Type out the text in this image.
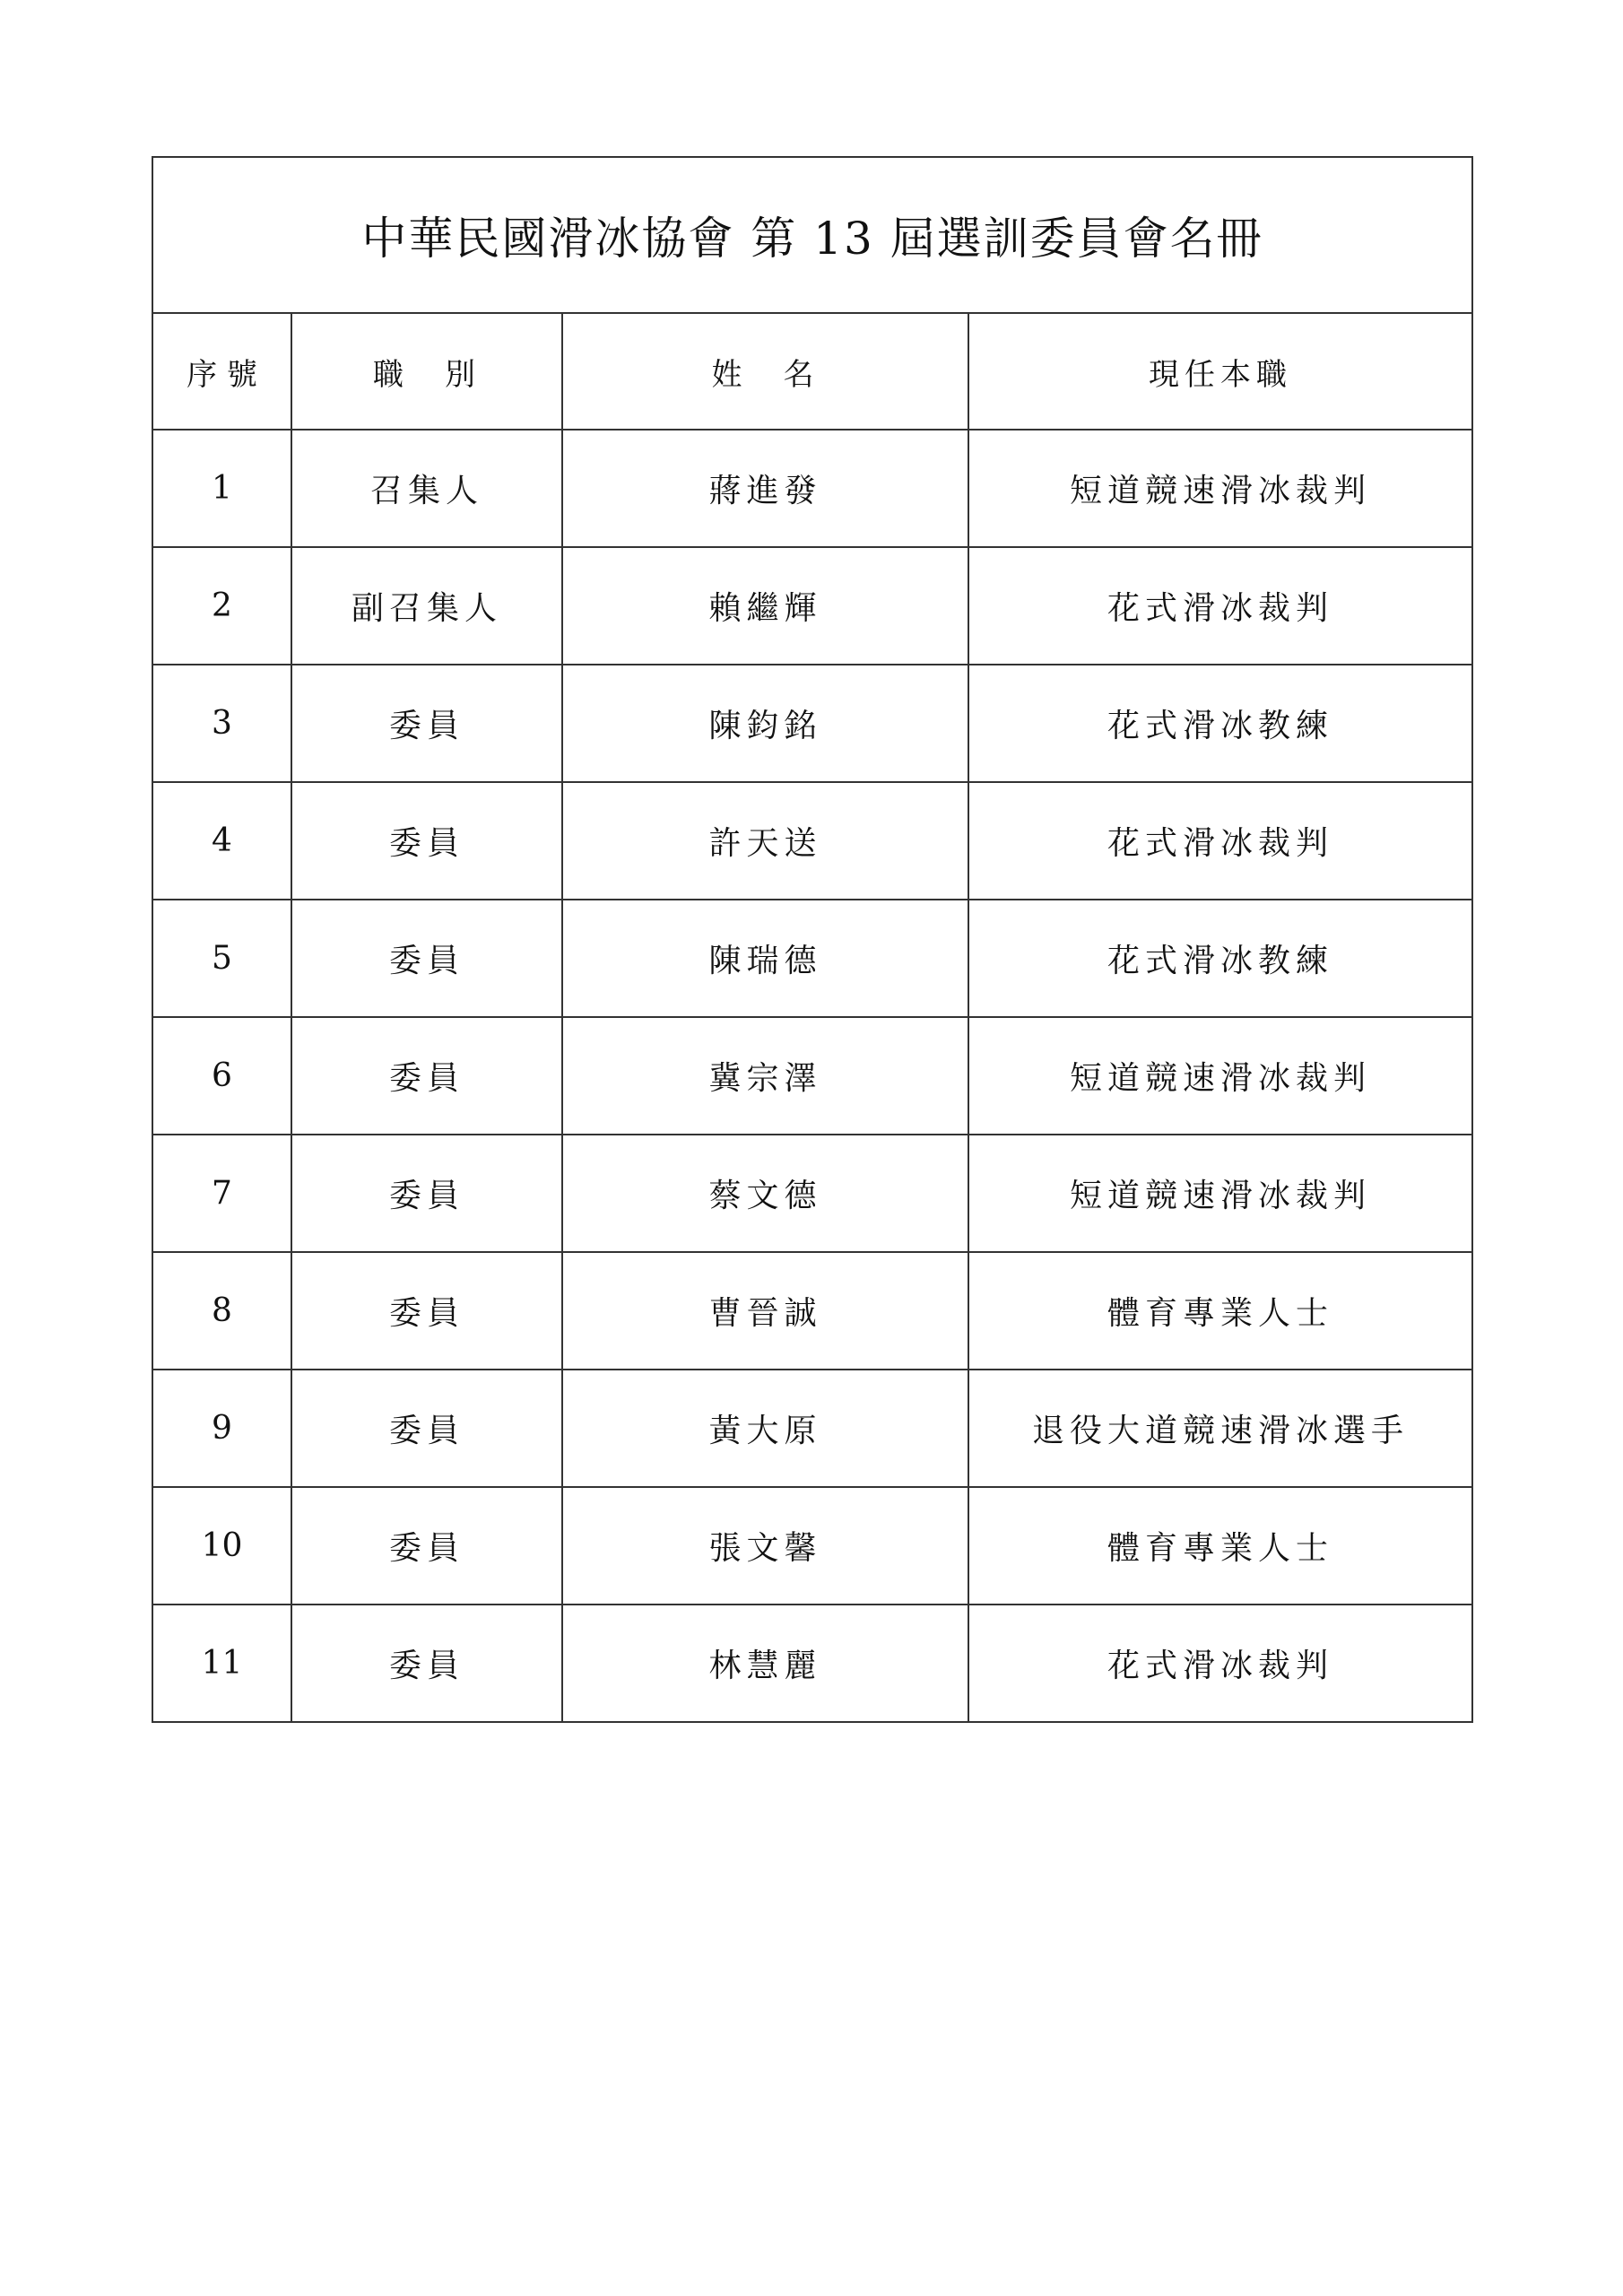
中華民國滑冰協會 第 13 屆選訓委員會名冊			
序 號	職　別	姓　名	現任本職
1	召集人	蔣進發	短道競速滑冰裁判
2	副召集人	賴繼輝	花式滑冰裁判
3	委員	陳鈞銘	花式滑冰教練
4	委員	許天送	花式滑冰裁判
5	委員	陳瑞德	花式滑冰教練
6	委員	冀宗澤	短道競速滑冰裁判
7	委員	蔡文德	短道競速滑冰裁判
8	委員	曹晉誠	體育專業人士
9	委員	黃大原	退役大道競速滑冰選手
10	委員	張文馨	體育專業人士
11	委員	林慧麗	花式滑冰裁判
